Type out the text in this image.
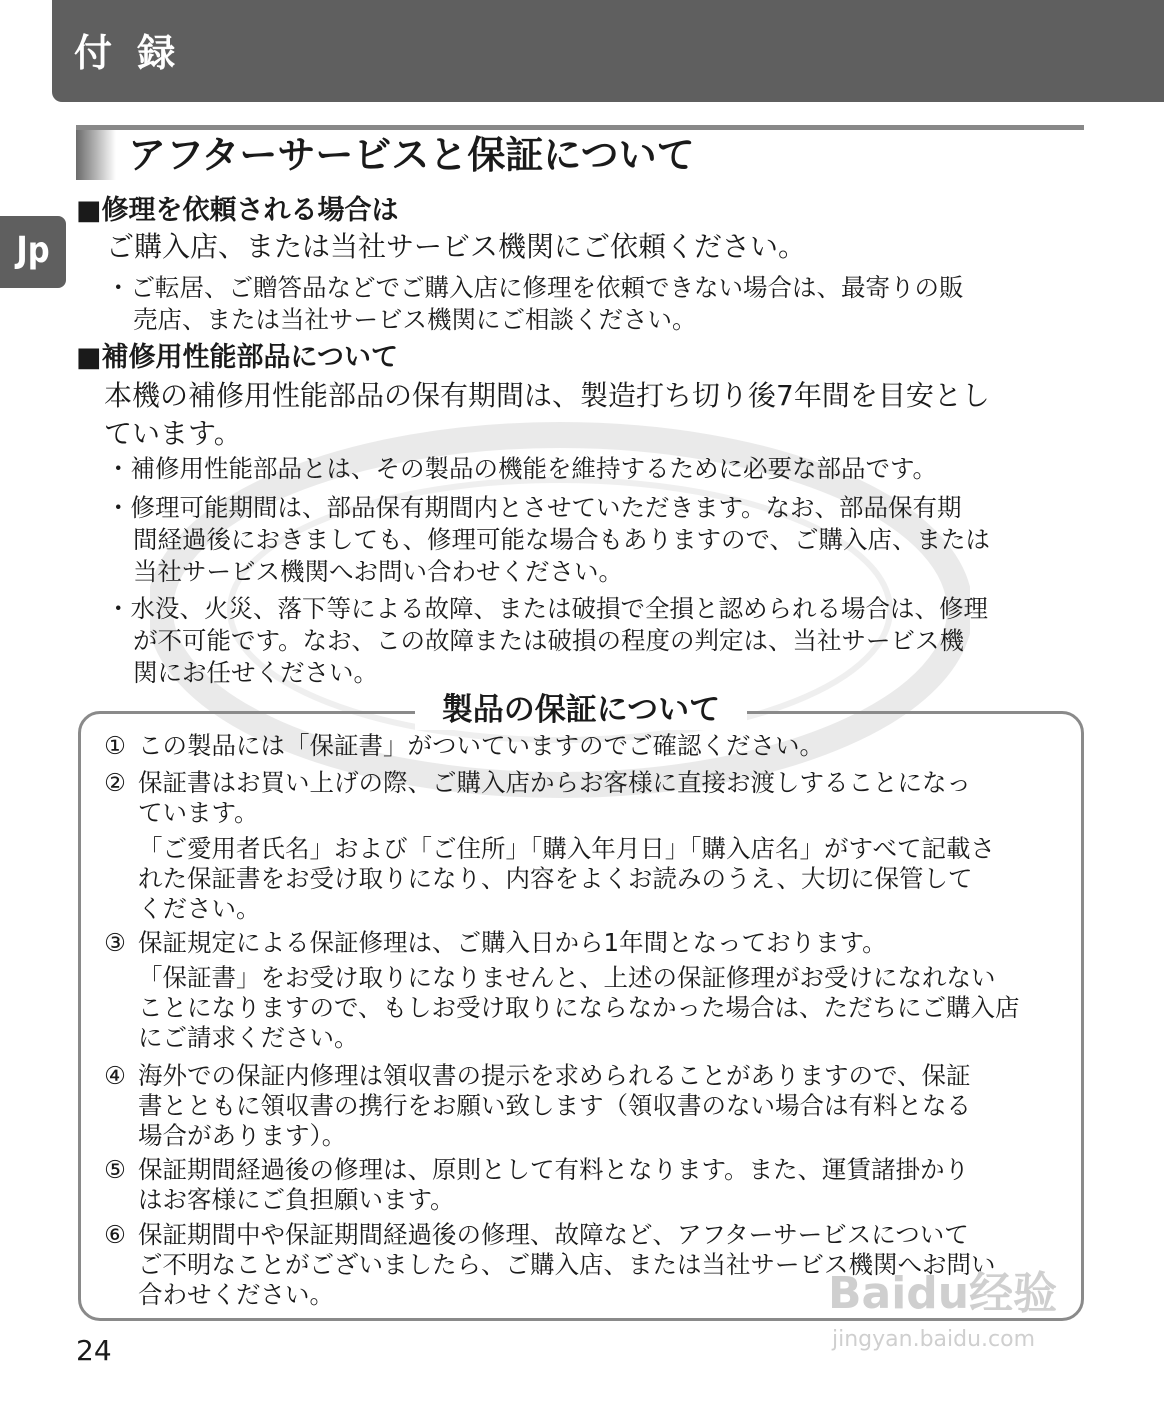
付 録
Jp
アフターサービスと保証について
■修理を依頼される場合は
ご購入店、または当社サービス機関にご依頼ください。
・ご転居、ご贈答品などでご購入店に修理を依頼できない場合は、最寄りの販
売店、または当社サービス機関にご相談ください。
■補修用性能部品について
本機の補修用性能部品の保有期間は、製造打ち切り後7年間を目安とし
ています。
・補修用性能部品とは、その製品の機能を維持するために必要な部品です。
・修理可能期間は、部品保有期間内とさせていただきます。なお、部品保有期
間経過後におきましても、修理可能な場合もありますので、ご購入店、または
当社サービス機関へお問い合わせください。
・水没、火災、落下等による故障、または破損で全損と認められる場合は、修理
が不可能です。なお、この故障または破損の程度の判定は、当社サービス機
関にお任せください。
製品の保証について
① この製品には「保証書」がついていますのでご確認ください。
② 保証書はお買い上げの際、ご購入店からお客様に直接お渡しすることになっ
ています。
「ご愛用者氏名」および「ご住所」「購入年月日」「購入店名」がすべて記載さ
れた保証書をお受け取りになり、内容をよくお読みのうえ、大切に保管して
ください。
③ 保証規定による保証修理は、ご購入日から1年間となっております。
「保証書」をお受け取りになりませんと、上述の保証修理がお受けになれない
ことになりますので、もしお受け取りにならなかった場合は、ただちにご購入店
にご請求ください。
④ 海外での保証内修理は領収書の提示を求められることがありますので、保証
書とともに領収書の携行をお願い致します（領収書のない場合は有料となる
場合があります）。
⑤ 保証期間経過後の修理は、原則として有料となります。また、運賃諸掛かり
はお客様にご負担願います。
⑥ 保証期間中や保証期間経過後の修理、故障など、アフターサービスについて
ご不明なことがございましたら、ご購入店、または当社サービス機関へお問い
合わせください。
24
Baidu经验
jingyan.baidu.com
